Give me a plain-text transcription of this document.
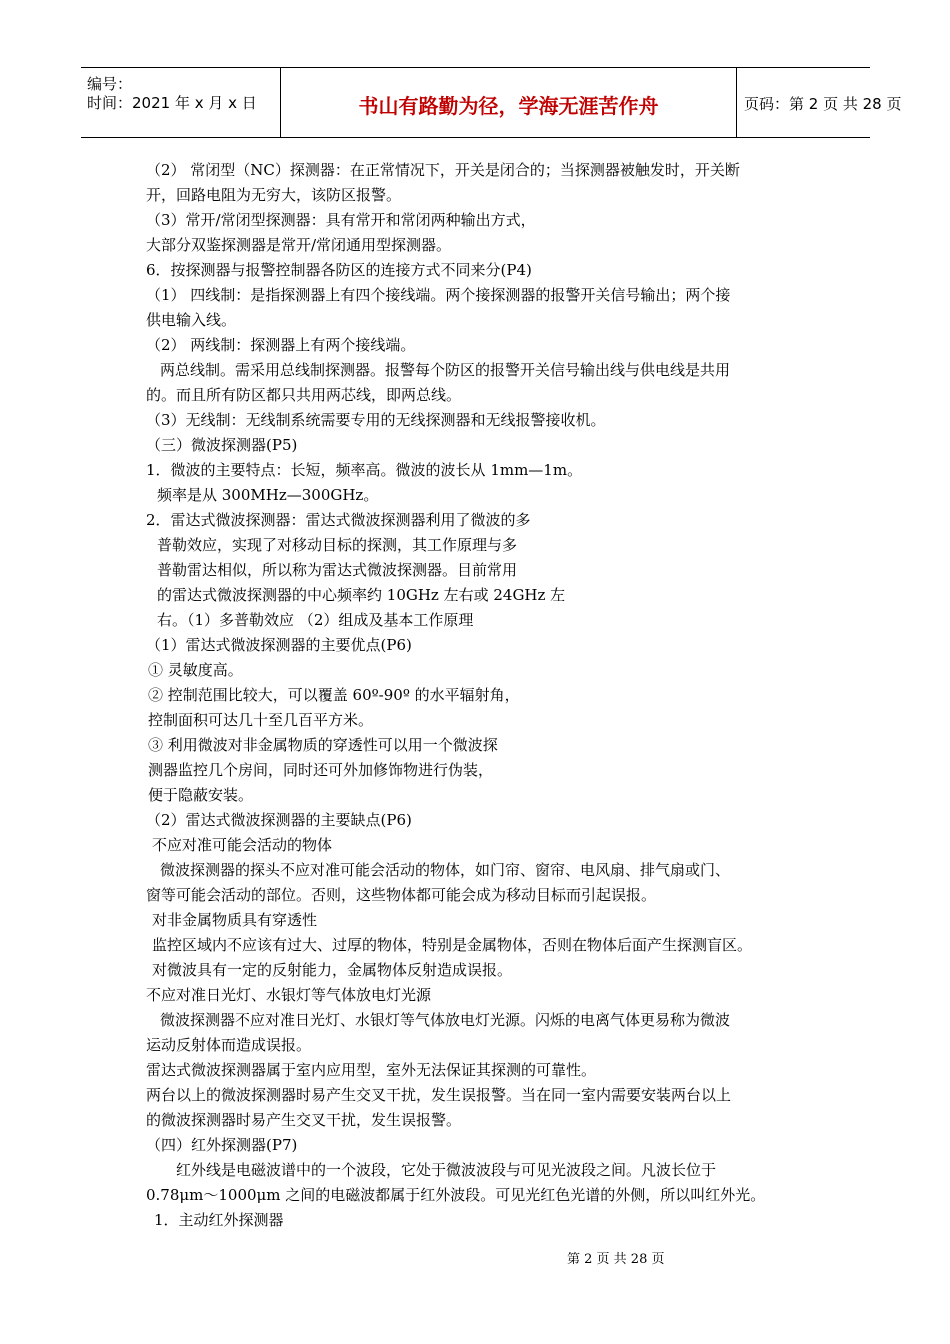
编号：
时间：2021 年 x 月 x 日	书山有路勤为径，学海无涯苦作舟	页码：第 2 页 共 28 页
（2） 常闭型（NC）探测器：在正常情况下，开关是闭合的；当探测器被触发时，开关断
开，回路电阻为无穷大，该防区报警。
（3）常开/常闭型探测器：具有常开和常闭两种输出方式，
大部分双鉴探测器是常开/常闭通用型探测器。
6．按探测器与报警控制器各防区的连接方式不同来分(P4)
（1） 四线制：是指探测器上有四个接线端。两个接探测器的报警开关信号输出；两个接
供电输入线。
（2） 两线制：探测器上有两个接线端。
两总线制。需采用总线制探测器。报警每个防区的报警开关信号输出线与供电线是共用
的。而且所有防区都只共用两芯线，即两总线。
（3）无线制：无线制系统需要专用的无线探测器和无线报警接收机。
（三）微波探测器(P5)
1．微波的主要特点：长短，频率高。微波的波长从 1mm—1m。
频率是从 300MHz—300GHz。
2．雷达式微波探测器：雷达式微波探测器利用了微波的多
普勒效应，实现了对移动目标的探测，其工作原理与多
普勒雷达相似，所以称为雷达式微波探测器。目前常用
的雷达式微波探测器的中心频率约 10GHz 左右或 24GHz 左
右。（1）多普勒效应 （2）组成及基本工作原理
（1）雷达式微波探测器的主要优点(P6)
① 灵敏度高。
② 控制范围比较大，可以覆盖 60º-90º 的水平辐射角，
控制面积可达几十至几百平方米。
③ 利用微波对非金属物质的穿透性可以用一个微波探
测器监控几个房间，同时还可外加修饰物进行伪装，
便于隐蔽安装。
（2）雷达式微波探测器的主要缺点(P6)
不应对准可能会活动的物体
微波探测器的探头不应对准可能会活动的物体，如门帘、窗帘、电风扇、排气扇或门、
窗等可能会活动的部位。否则，这些物体都可能会成为移动目标而引起误报。
对非金属物质具有穿透性
监控区域内不应该有过大、过厚的物体，特别是金属物体，否则在物体后面产生探测盲区。
对微波具有一定的反射能力，金属物体反射造成误报。
不应对准日光灯、水银灯等气体放电灯光源
微波探测器不应对准日光灯、水银灯等气体放电灯光源。闪烁的电离气体更易称为微波
运动反射体而造成误报。
雷达式微波探测器属于室内应用型，室外无法保证其探测的可靠性。
两台以上的微波探测器时易产生交叉干扰，发生误报警。当在同一室内需要安装两台以上
的微波探测器时易产生交叉干扰，发生误报警。
（四）红外探测器(P7)
红外线是电磁波谱中的一个波段，它处于微波波段与可见光波段之间。凡波长位于
0.78μm～1000μm 之间的电磁波都属于红外波段。可见光红色光谱的外侧，所以叫红外光。
1．主动红外探测器
第 2 页 共 28 页
